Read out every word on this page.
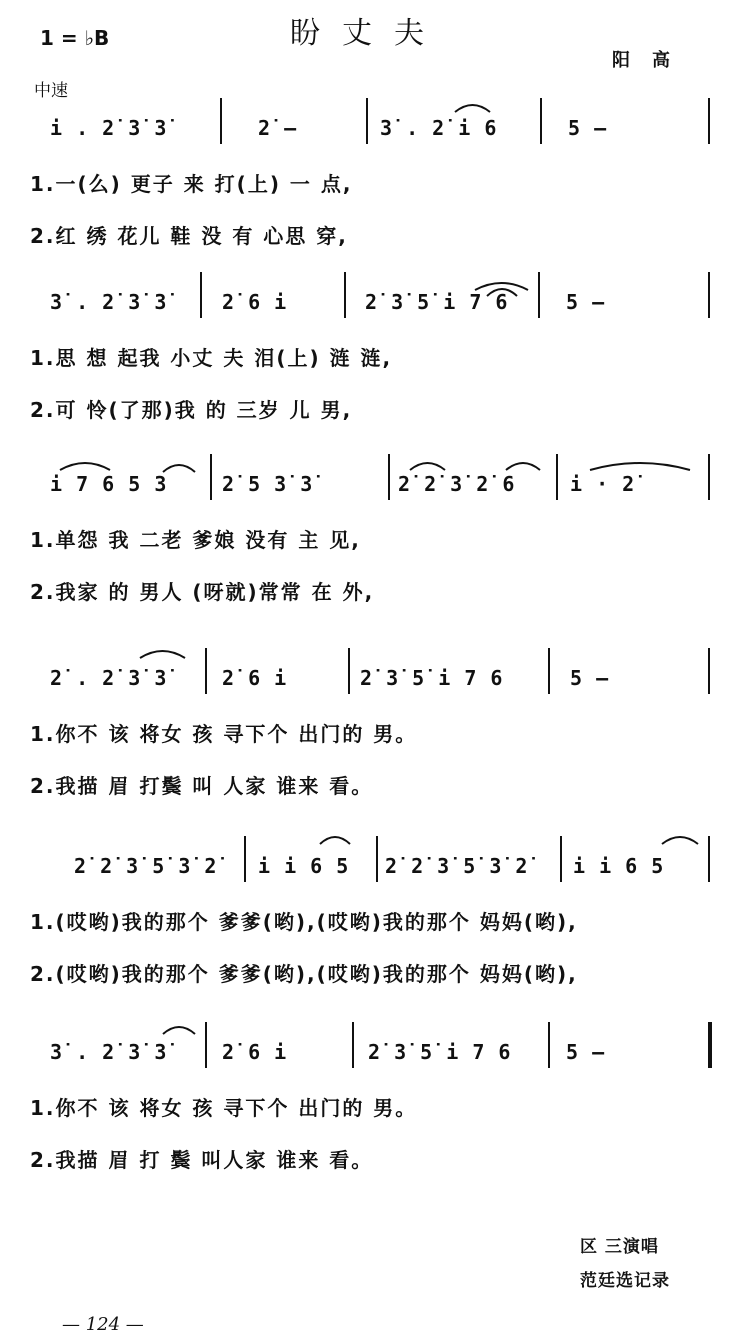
盼丈夫
1 = ♭B
阳高
中速
i . 2̇ 3̇ 3̇	2̇ —	3̇ . 2̇ i 6	5 —
1.一(么) 更子 来 打(上) 一 点,
2.红 绣 花儿 鞋 没 有 心思 穿,
3̇ . 2̇ 3̇ 3̇	2̇ 6 i	2̇ 3̇ 5̇ i 7 6	5 —
1.思 想 起我 小丈 夫 泪(上) 涟 涟,
2.可 怜(了那)我 的 三岁 儿 男,
i 7 6 5 3	2̇ 5 3̇ 3̇	2̇ 2̇ 3̇ 2̇ 6	i · 2̇
1.单怨 我 二老 爹娘 没有 主 见,
2.我家 的 男人 (呀就)常常 在 外,
2̇ . 2̇ 3̇ 3̇	2̇ 6 i	2̇ 3̇ 5̇ i 7 6	5 —
1.你不 该 将女 孩 寻下个 出门的 男。
2.我描 眉 打鬓 叫 人家 谁来 看。
2̇ 2̇ 3̇ 5̇ 3̇ 2̇ i i 6 5 2̇ 2̇ 3̇ 5̇ 3̇ 2̇ i i 6 5
1.(哎哟)我的那个 爹爹(哟),(哎哟)我的那个 妈妈(哟),
2.(哎哟)我的那个 爹爹(哟),(哎哟)我的那个 妈妈(哟),
3̇ . 2̇ 3̇ 3̇	2̇ 6 i	2̇ 3̇ 5̇ i 7 6	5 —
1.你不 该 将女 孩 寻下个 出门的 男。
2.我描 眉 打 鬓 叫人家 谁来 看。
区 三演唱
范廷选记录
— 124 —
